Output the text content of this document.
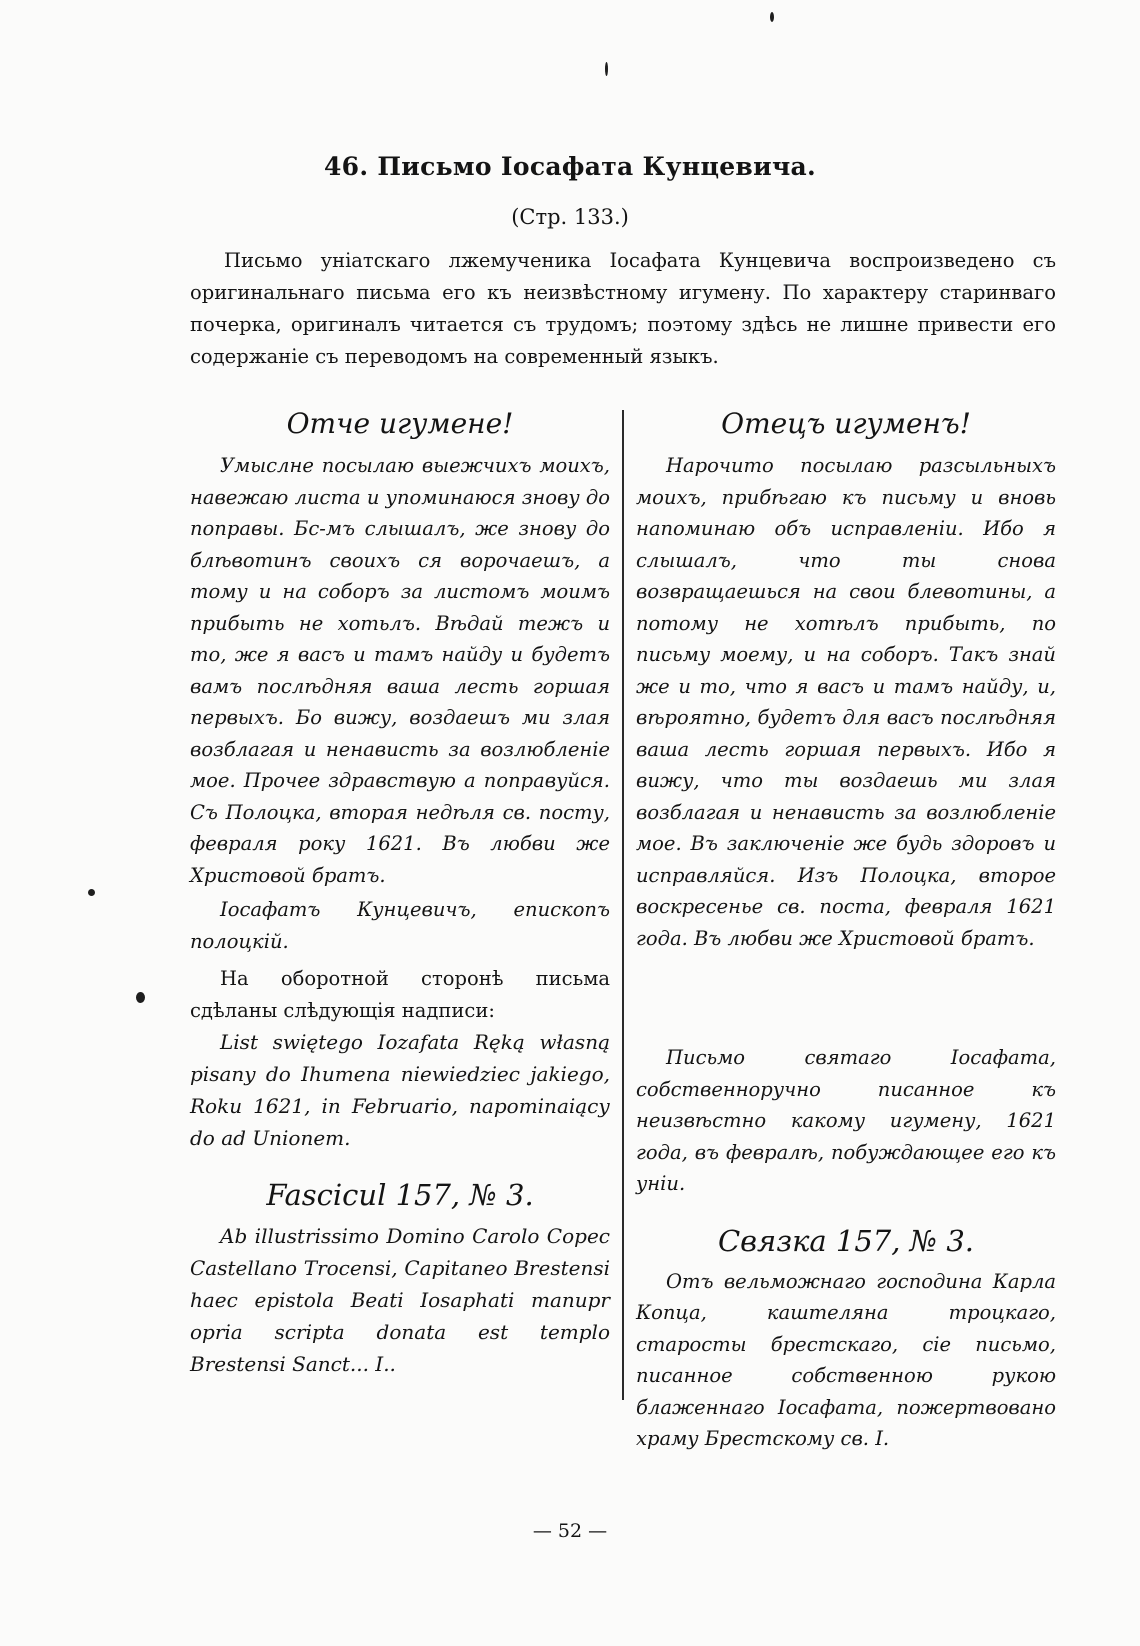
46. Письмо Іосафата Кунцевича.
(Стр. 133.)
Письмо уніатскаго лжемученика Іосафата Кунцевича воспроизведено съ оригинальнаго письма его къ неизвѣстному игумену. По характеру старинваго почерка, оригиналъ читается съ трудомъ; поэтому здѣсь не лишне привести его содержаніе съ переводомъ на современный языкъ.
Отче игумене!

Умыслне посылаю выежчихъ моихъ, навежаю листа и упоминаюся знову до поправы. Бс-мъ слышалъ, же знову до блѣвотинъ своихъ ся ворочаешъ, а тому и на соборъ за листомъ моимъ прибыть не хотьлъ. Вѣдай тежъ и то, же я васъ и тамъ найду и будетъ вамъ послѣдняя ваша лесть горшая первыхъ. Бо вижу, воздаешъ ми злая возблагая и ненависть за возлюбленіе мое. Прочее здравствую а поправуйся. Съ Полоцка, вторая недѣля св. посту, февраля року 1621. Въ любви же Христовой братъ.

Іосафатъ Кунцевичъ, епископъ полоцкій.

На оборотной сторонѣ письма сдѣланы слѣдующія надписи:

List swiętego Iozafata Ręką własną pisany do Ihumena niewiedziec jakiego, Roku 1621, in Februario, napominaiącу do ad Unionem.

Fascicul 157, № 3.

Ab illustrissimo Domino Carolo Copec Castellano Trocensi, Capitaneo Brestensi haec epistola Beati Iosaphati manupr opria scripta donata est templo Brestensi Sanct... I..

Отецъ игуменъ!

Нарочито посылаю разсыльныхъ моихъ, прибѣгаю къ письму и вновь напоминаю объ исправленіи. Ибо я слышалъ, что ты снова возвращаешься на свои блевотины, а потому не хотѣлъ прибыть, по письму моему, и на соборъ. Такъ знай же и то, что я васъ и тамъ найду, и, вѣроятно, будетъ для васъ послѣдняя ваша лесть горшая первыхъ. Ибо я вижу, что ты воздаешь ми злая возблагая и ненависть за возлюбленіе мое. Въ заключеніе же будь здоровъ и исправляйся. Изъ Полоцка, второе воскресенье св. поста, февраля 1621 года. Въ любви же Христовой братъ.

Письмо святаго Іосафата, собственноручно писанное къ неизвѣстно какому игумену, 1621 года, въ февралѣ, побуждающее его къ уніи.

Связка 157, № 3.

Отъ вельможнаго господина Карла Копца, каштеляна троцкаго, старосты брестскаго, сіе письмо, писанное собственною рукою блаженнаго Іосафата, пожертвовано храму Брестскому св. I.

— 52 —
